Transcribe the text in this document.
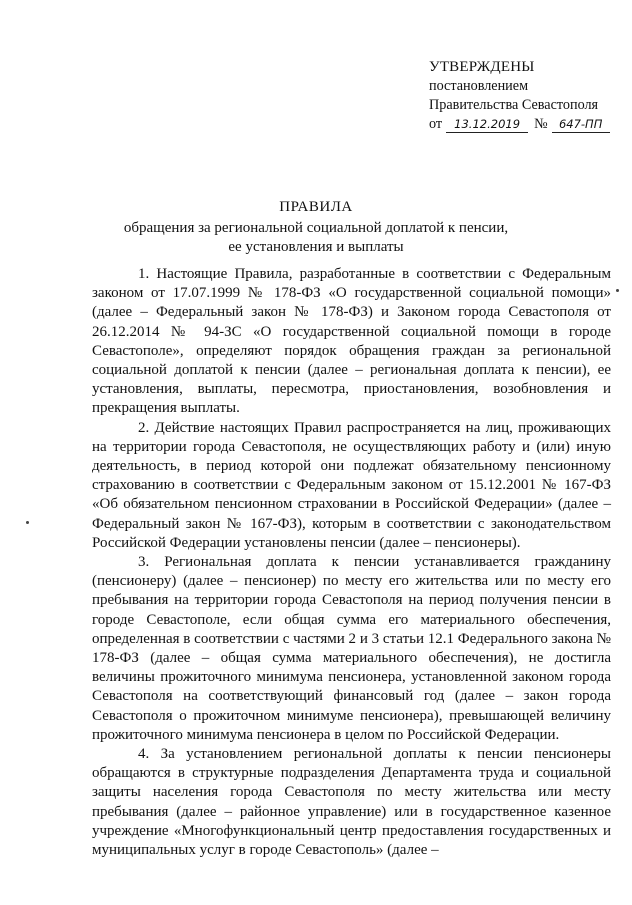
УТВЕРЖДЕНЫ
постановлением
Правительства Севастополя
от	13.12.2019 № 647-ПП
ПРАВИЛА
обращения за региональной социальной доплатой к пенсии,
ее установления и выплаты

1. Настоящие Правила, разработанные в соответствии с Федеральным законом от 17.07.1999 № 178-ФЗ «О государственной социальной помощи» (далее – Федеральный закон № 178-ФЗ) и Законом города Севастополя от 26.12.2014 № 94-ЗС «О государственной социальной помощи в городе Севастополе», определяют порядок обращения граждан за региональной социальной доплатой к пенсии (далее – региональная доплата к пенсии), ее установления, выплаты, пересмотра, приостановления, возобновления и прекращения выплаты.

2. Действие настоящих Правил распространяется на лиц, проживающих на территории города Севастополя, не осуществляющих работу и (или) иную деятельность, в период которой они подлежат обязательному пенсионному страхованию в соответствии с Федеральным законом от 15.12.2001 № 167-ФЗ «Об обязательном пенсионном страховании в Российской Федерации» (далее – Федеральный закон № 167-ФЗ), которым в соответствии с законодательством Российской Федерации установлены пенсии (далее – пенсионеры).

3. Региональная доплата к пенсии устанавливается гражданину (пенсионеру) (далее – пенсионер) по месту его жительства или по месту его пребывания на территории города Севастополя на период получения пенсии в городе Севастополе, если общая сумма его материального обеспечения, определенная в соответствии с частями 2 и 3 статьи 12.1 Федерального закона № 178-ФЗ (далее – общая сумма материального обеспечения), не достигла величины прожиточного минимума пенсионера, установленной законом города Севастополя на соответствующий финансовый год (далее – закон города Севастополя о прожиточном минимуме пенсионера), превышающей величину прожиточного минимума пенсионера в целом по Российской Федерации.

4. За установлением региональной доплаты к пенсии пенсионеры обращаются в структурные подразделения Департамента труда и социальной защиты населения города Севастополя по месту жительства или месту пребывания (далее – районное управление) или в государственное казенное учреждение «Многофункциональный центр предоставления государственных и муниципальных услуг в городе Севастополь» (далее –
